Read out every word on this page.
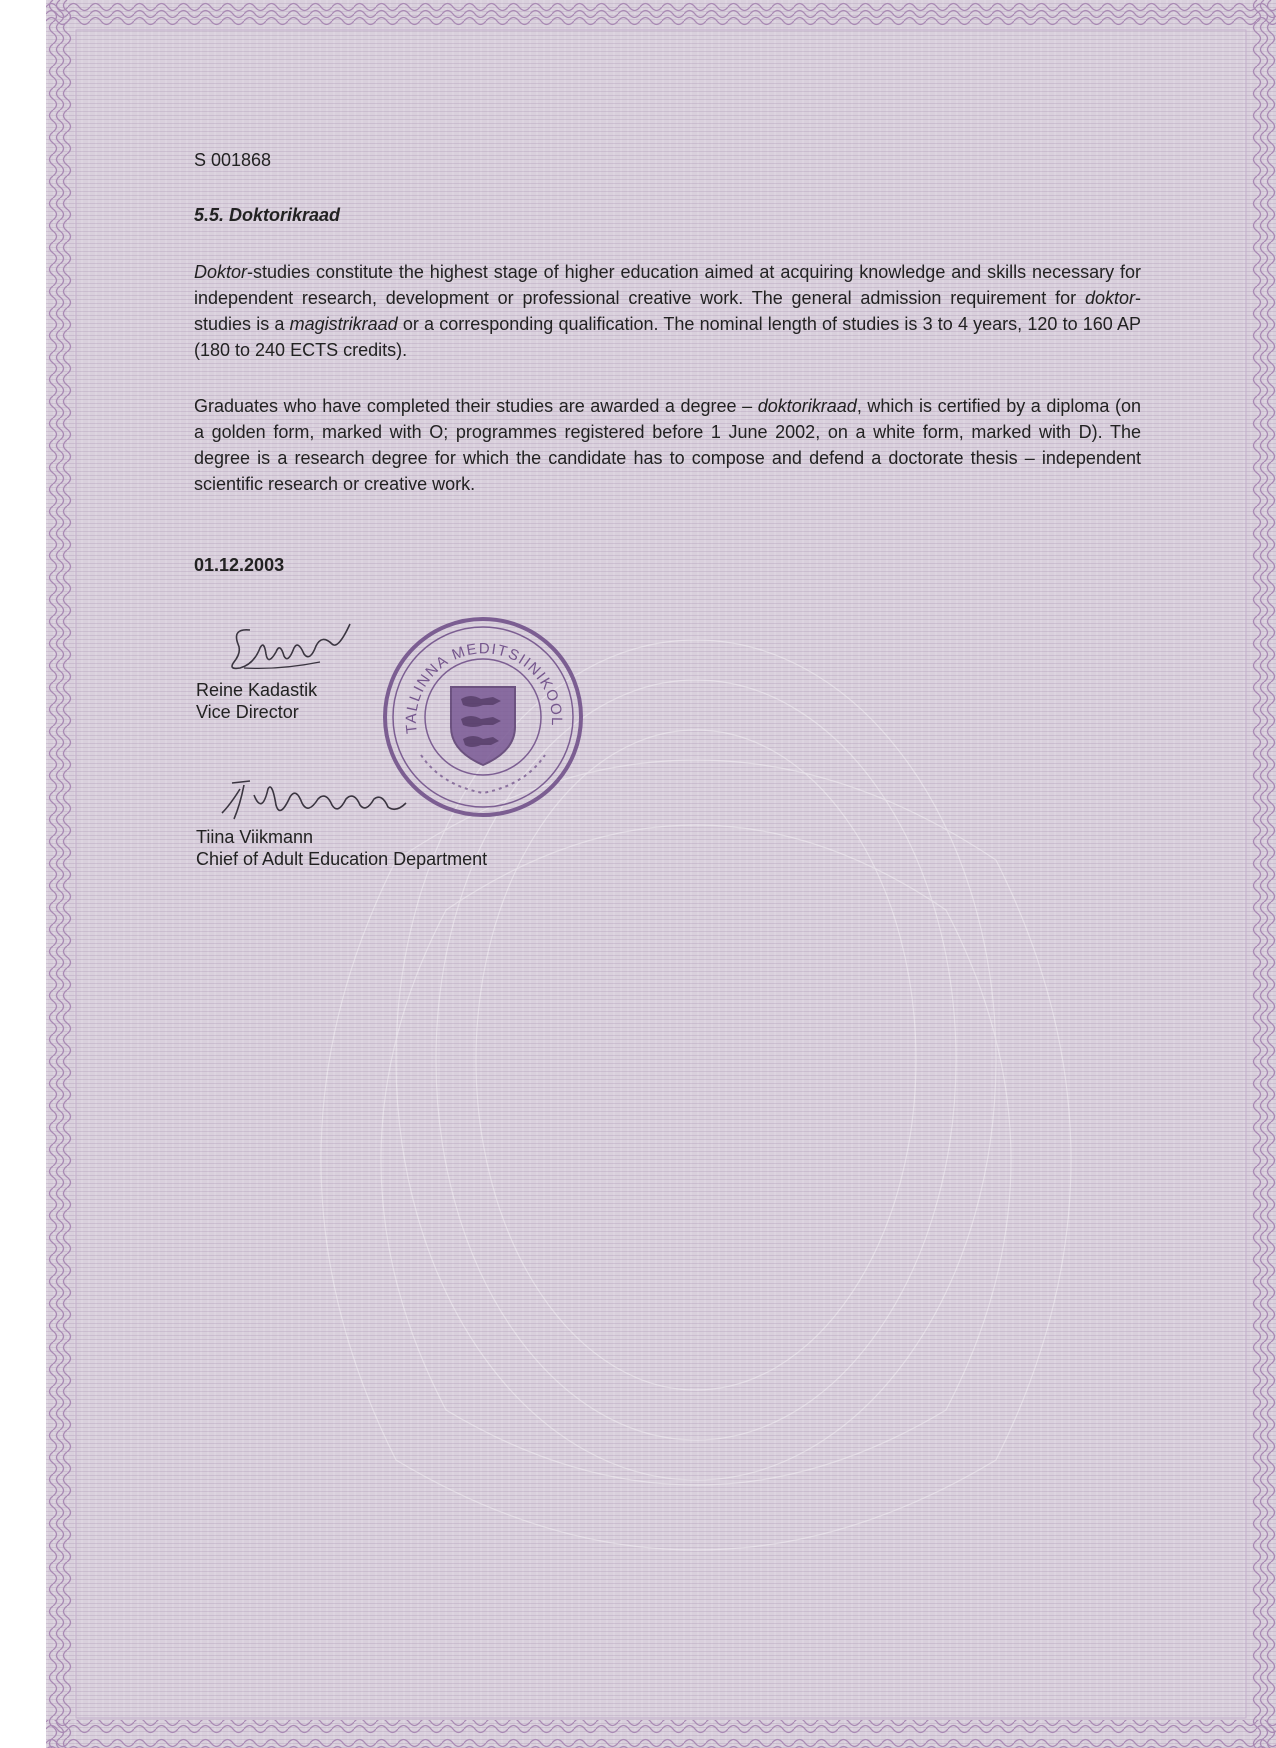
S 001868
5.5. Doktorikraad
Doktor-studies constitute the highest stage of higher education aimed at acquiring knowledge and skills necessary for independent research, development or professional creative work. The general admission requirement for doktor-studies is a magistrikraad or a corresponding qualification. The nominal length of studies is 3 to 4 years, 120 to 160 AP (180 to 240 ECTS credits).
Graduates who have completed their studies are awarded a degree – doktorikraad, which is certified by a diploma (on a golden form, marked with O; programmes registered before 1 June 2002, on a white form, marked with D). The degree is a research degree for which the candidate has to compose and defend a doctorate thesis – independent scientific research or creative work.
01.12.2003
Reine Kadastik
Vice Director
Tiina Viikmann
Chief of Adult Education Department
TALLINNA MEDITSIINIKOOL
